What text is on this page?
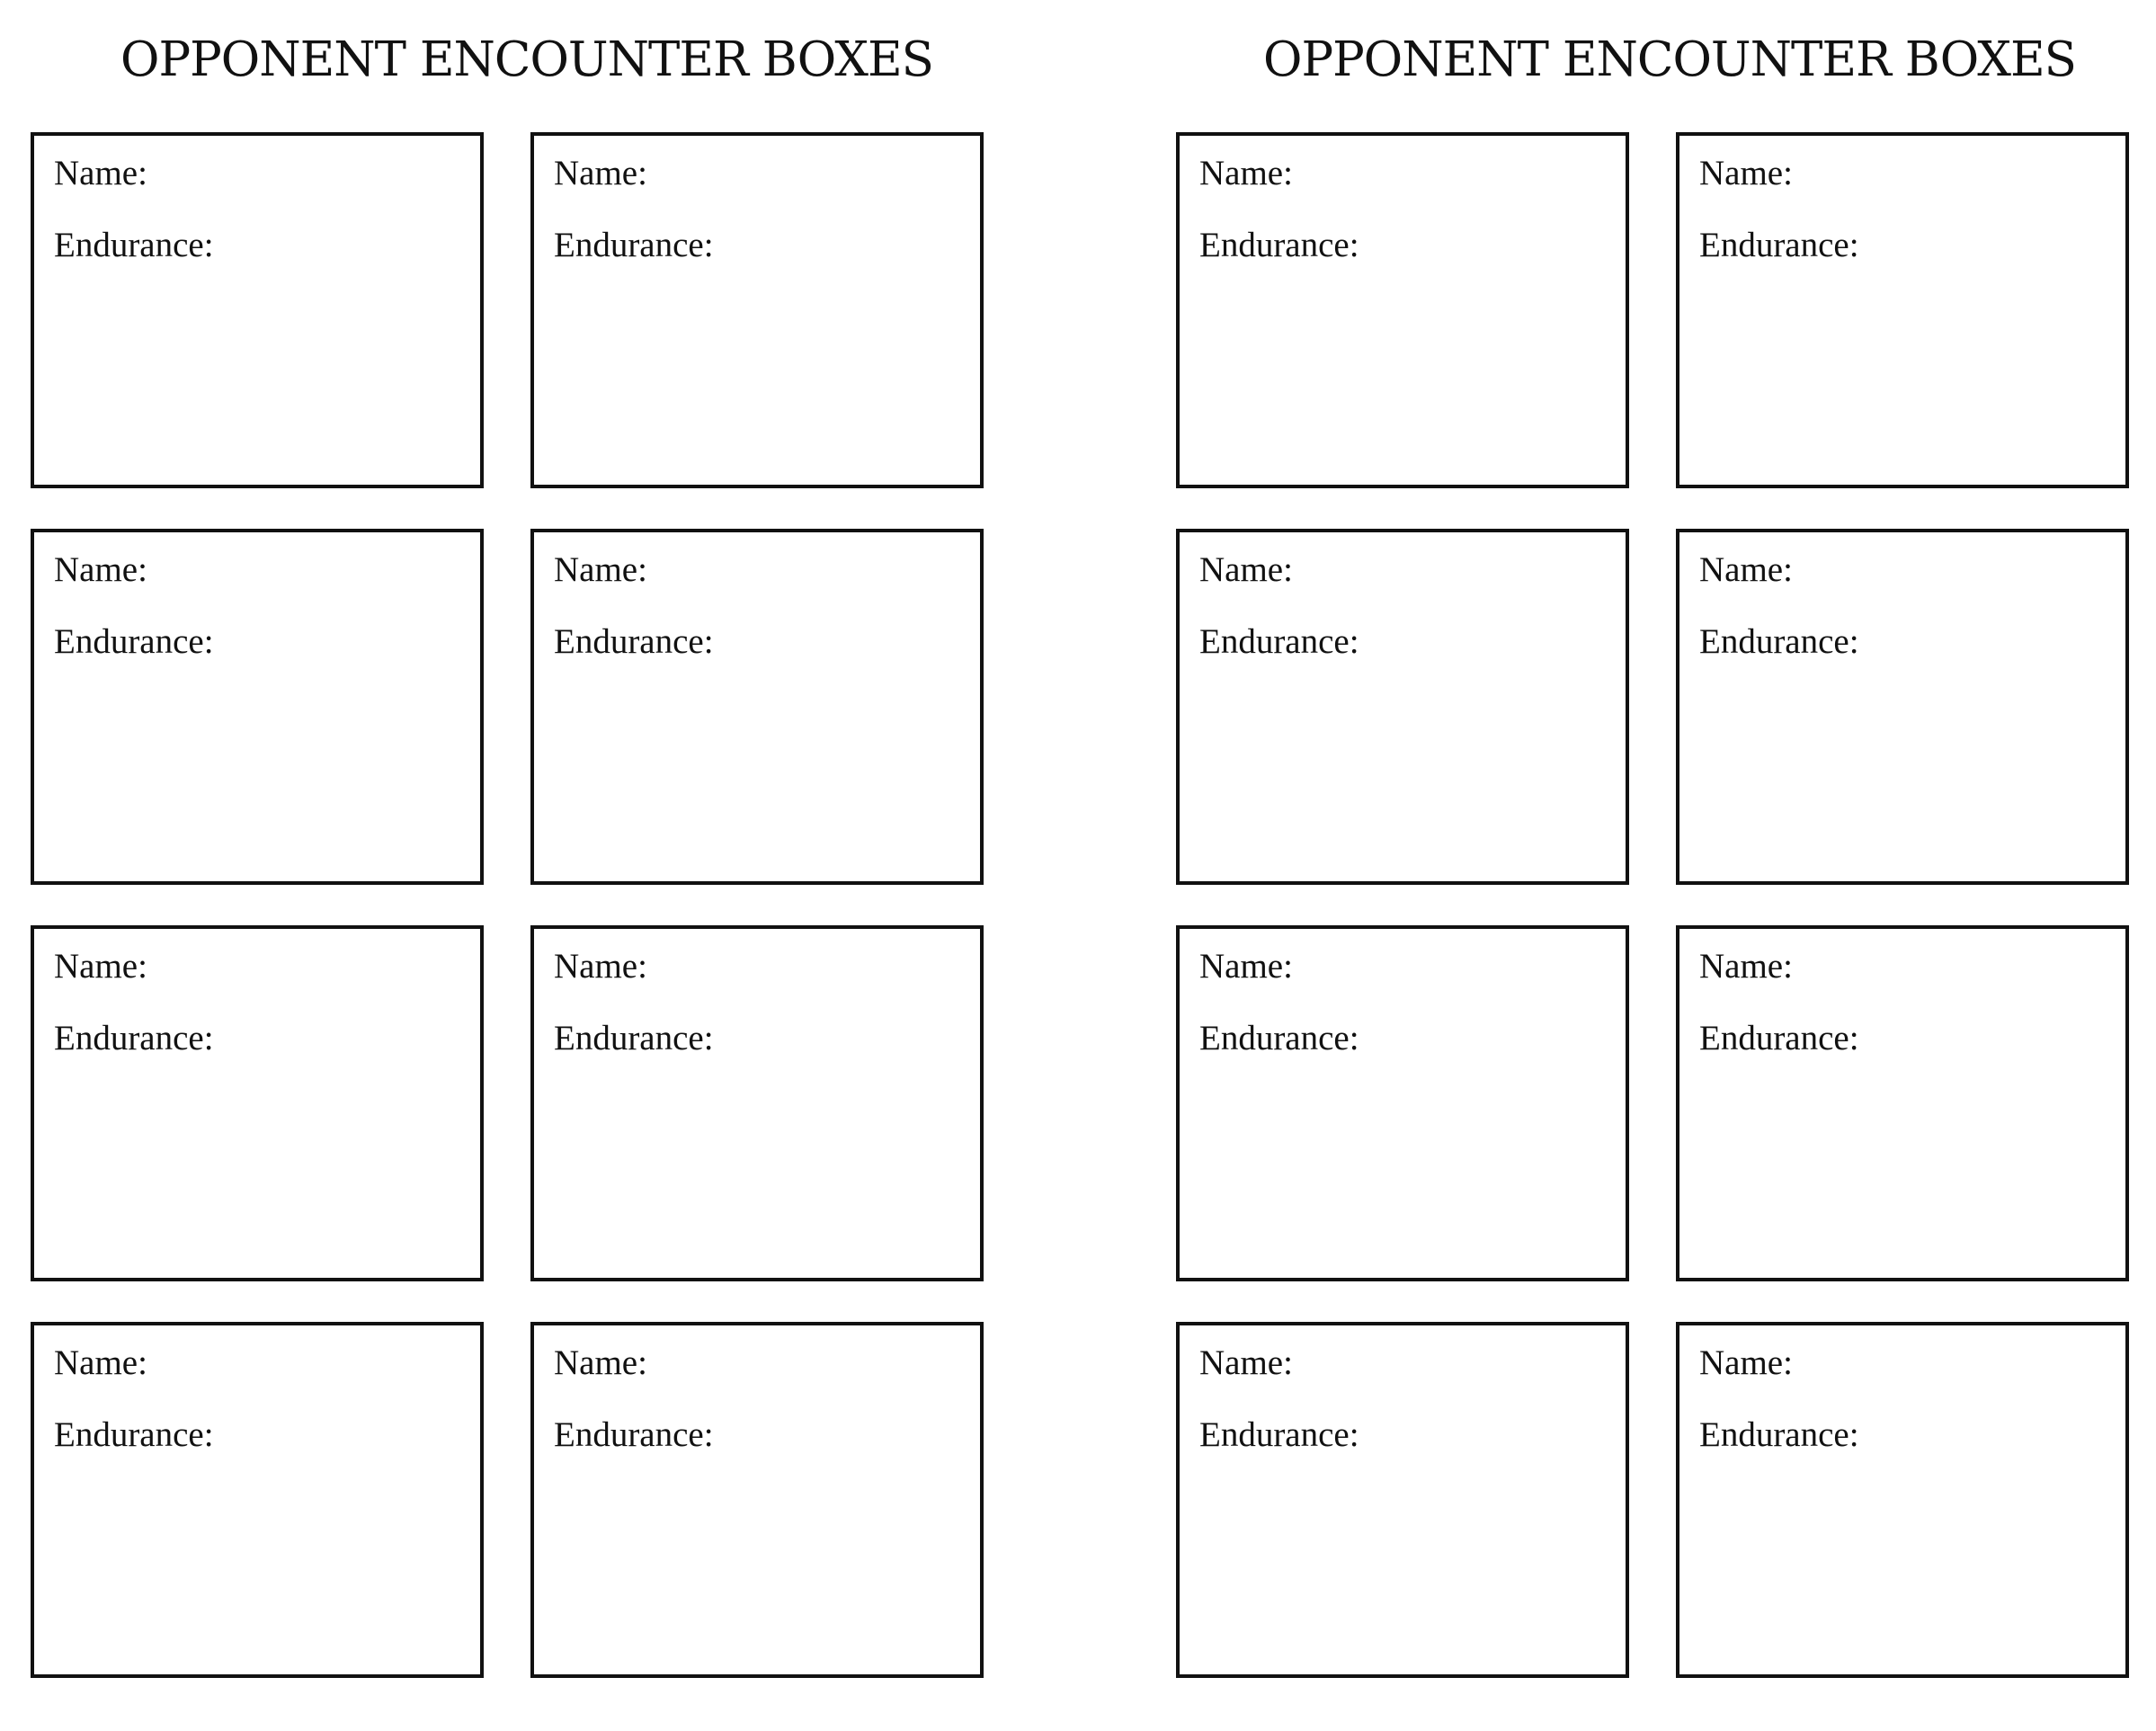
OPPONENT ENCOUNTER BOXES
Name:
Endurance:
Name:
Endurance:
Name:
Endurance:
Name:
Endurance:
Name:
Endurance:
Name:
Endurance:
Name:
Endurance:
Name:
Endurance:
OPPONENT ENCOUNTER BOXES
Name:
Endurance:
Name:
Endurance:
Name:
Endurance:
Name:
Endurance:
Name:
Endurance:
Name:
Endurance:
Name:
Endurance:
Name:
Endurance:
